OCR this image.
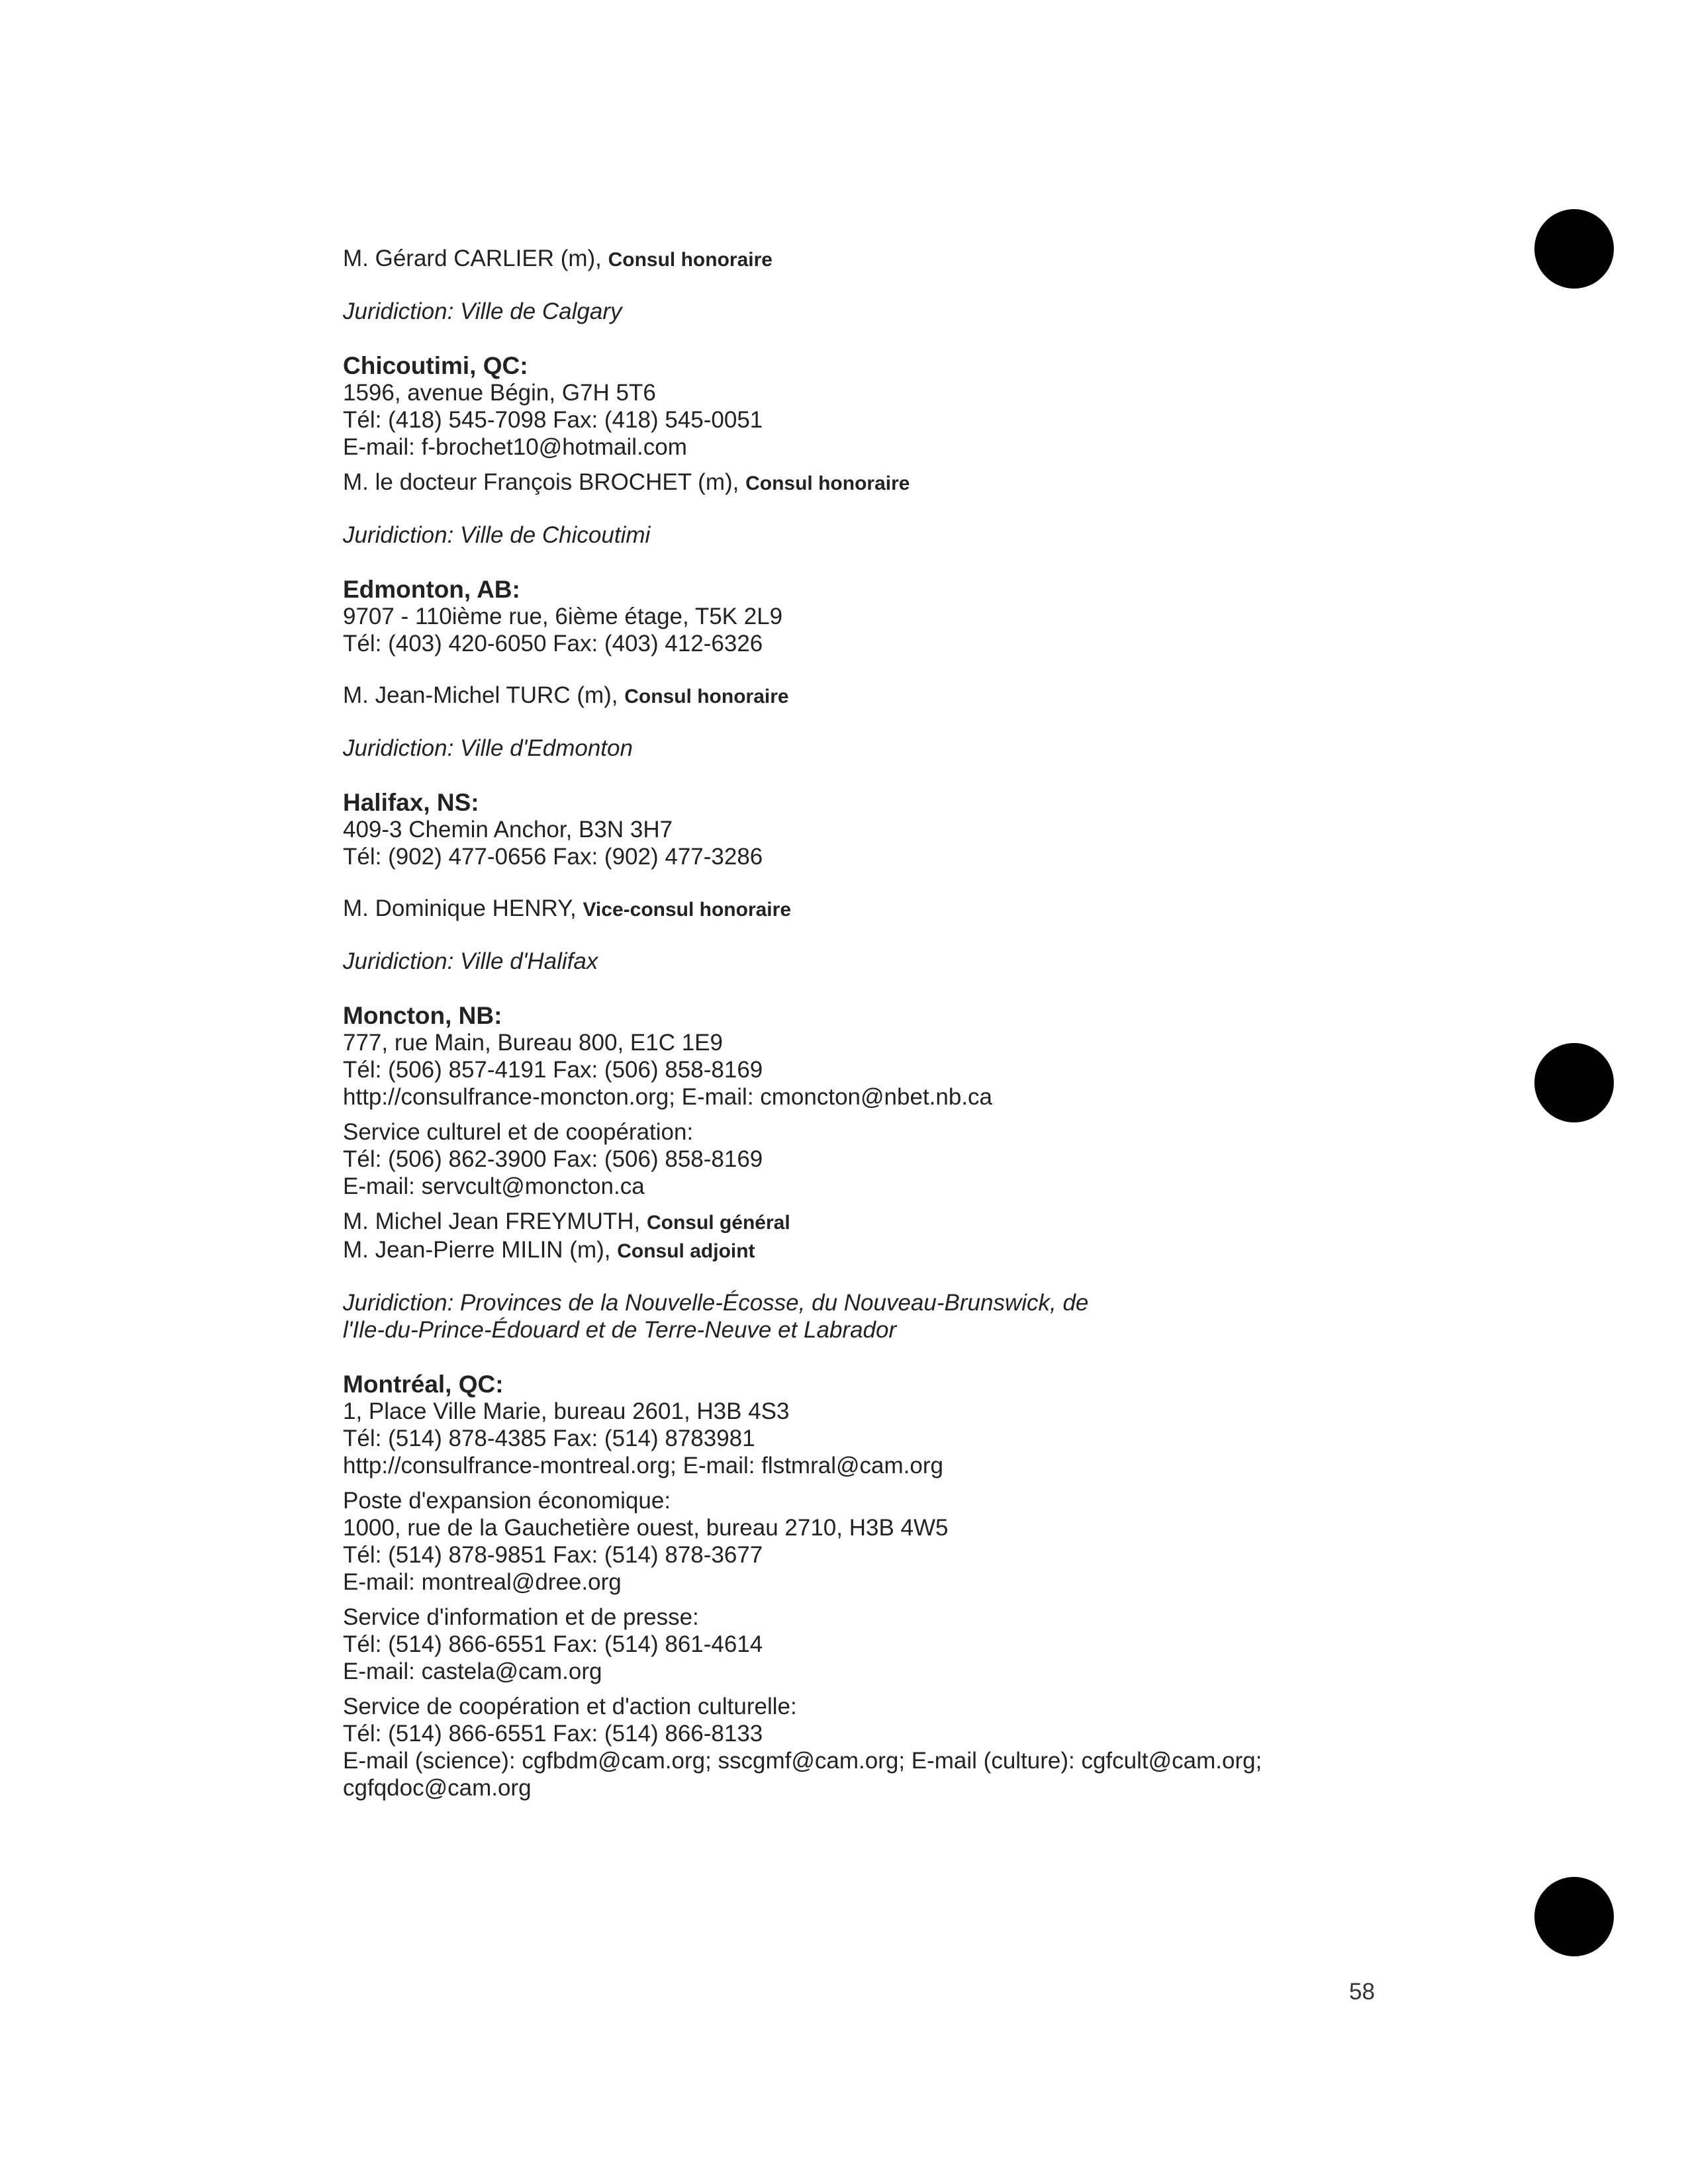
M. Gérard CARLIER (m), Consul honoraire
Juridiction: Ville de Calgary
Chicoutimi, QC:
1596, avenue Bégin, G7H 5T6
Tél: (418) 545-7098 Fax: (418) 545-0051
E-mail: f-brochet10@hotmail.com
M. le docteur François BROCHET (m), Consul honoraire
Juridiction: Ville de Chicoutimi
Edmonton, AB:
9707 - 110ième rue, 6ième étage, T5K 2L9
Tél: (403) 420-6050 Fax: (403) 412-6326
M. Jean-Michel TURC (m), Consul honoraire
Juridiction: Ville d'Edmonton
Halifax, NS:
409-3 Chemin Anchor, B3N 3H7
Tél: (902) 477-0656 Fax: (902) 477-3286
M. Dominique HENRY, Vice-consul honoraire
Juridiction: Ville d'Halifax
Moncton, NB:
777, rue Main, Bureau 800, E1C 1E9
Tél: (506) 857-4191 Fax: (506) 858-8169
http://consulfrance-moncton.org; E-mail: cmoncton@nbet.nb.ca
Service culturel et de coopération:
Tél: (506) 862-3900 Fax: (506) 858-8169
E-mail: servcult@moncton.ca
M. Michel Jean FREYMUTH, Consul général
M. Jean-Pierre MILIN (m), Consul adjoint
Juridiction: Provinces de la Nouvelle-Écosse, du Nouveau-Brunswick, de
l'Ile-du-Prince-Édouard et de Terre-Neuve et Labrador
Montréal, QC:
1, Place Ville Marie, bureau 2601, H3B 4S3
Tél: (514) 878-4385 Fax: (514) 8783981
http://consulfrance-montreal.org; E-mail: flstmral@cam.org
Poste d'expansion économique:
1000, rue de la Gauchetière ouest, bureau 2710, H3B 4W5
Tél: (514) 878-9851 Fax: (514) 878-3677
E-mail: montreal@dree.org
Service d'information et de presse:
Tél: (514) 866-6551 Fax: (514) 861-4614
E-mail: castela@cam.org
Service de coopération et d'action culturelle:
Tél: (514) 866-6551 Fax: (514) 866-8133
E-mail (science): cgfbdm@cam.org; sscgmf@cam.org; E-mail (culture): cgfcult@cam.org;
cgfqdoc@cam.org
58
